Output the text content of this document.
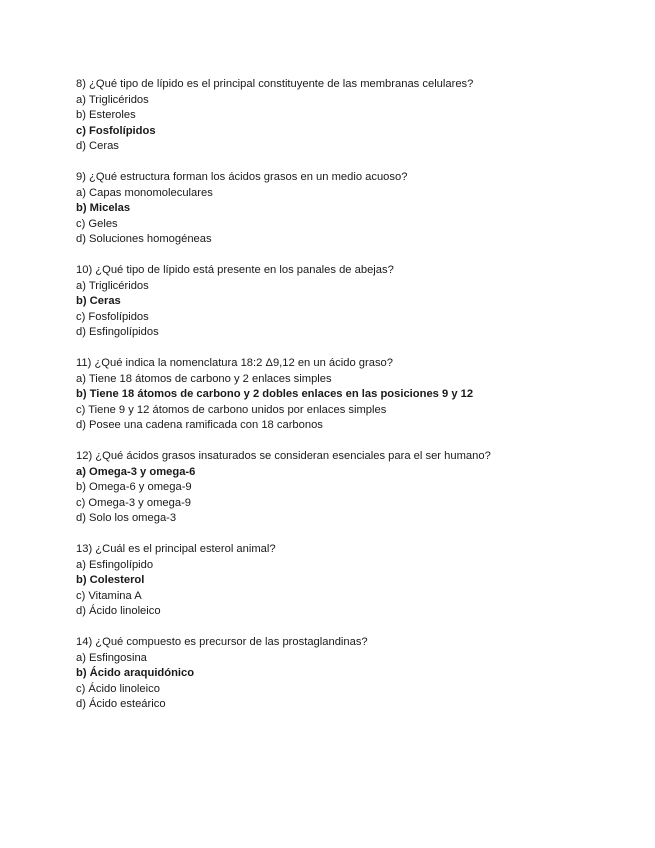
8) ¿Qué tipo de lípido es el principal constituyente de las membranas celulares?
a) Triglicéridos
b) Esteroles
c) Fosfolípidos
d) Ceras
9) ¿Qué estructura forman los ácidos grasos en un medio acuoso?
a) Capas monomoleculares
b) Micelas
c) Geles
d) Soluciones homogéneas
10) ¿Qué tipo de lípido está presente en los panales de abejas?
a) Triglicéridos
b) Ceras
c) Fosfolípidos
d) Esfingolípidos
11) ¿Qué indica la nomenclatura 18:2 Δ9,12 en un ácido graso?
a) Tiene 18 átomos de carbono y 2 enlaces simples
b) Tiene 18 átomos de carbono y 2 dobles enlaces en las posiciones 9 y 12
c) Tiene 9 y 12 átomos de carbono unidos por enlaces simples
d) Posee una cadena ramificada con 18 carbonos
12) ¿Qué ácidos grasos insaturados se consideran esenciales para el ser humano?
a) Omega-3 y omega-6
b) Omega-6 y omega-9
c) Omega-3 y omega-9
d) Solo los omega-3
13) ¿Cuál es el principal esterol animal?
a) Esfingolípido
b) Colesterol
c) Vitamina A
d) Ácido linoleico
14) ¿Qué compuesto es precursor de las prostaglandinas?
a) Esfingosina
b) Ácido araquidónico
c) Ácido linoleico
d) Ácido esteárico
